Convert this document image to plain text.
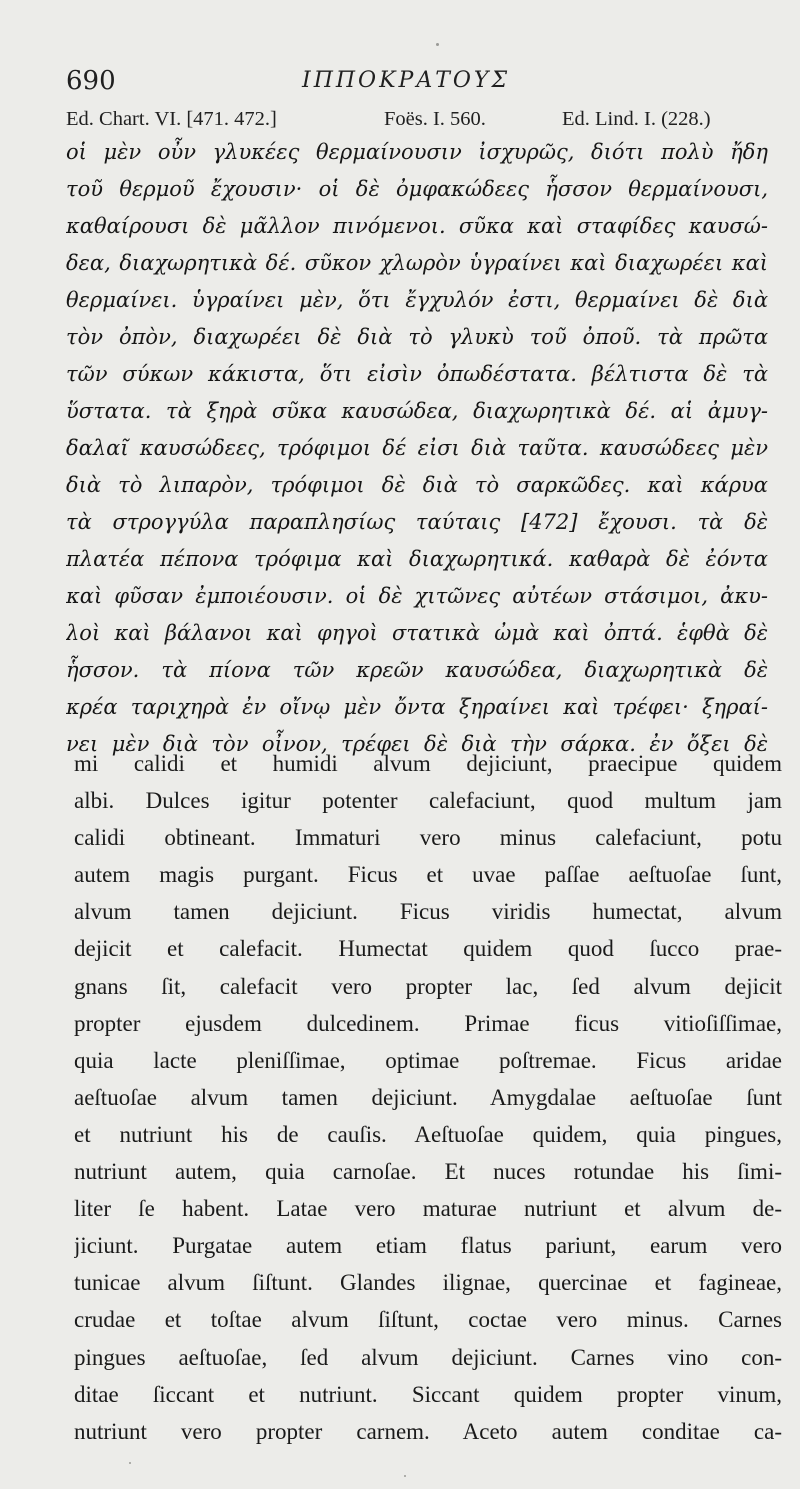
690	ΙΠΠΟΚΡΑΤΟΥΣ
Ed. Chart. VI. [471. 472.]	Foës. I. 560.	Ed. Lind. I. (228.)
οἱ μὲν οὖν γλυκέες θερμαίνουσιν ἰσχυρῶς, διότι πολὺ ἤδη
τοῦ θερμοῦ ἔχουσιν· οἱ δὲ ὀμφακώδεες ἧσσον θερμαίνουσι,
καθαίρουσι δὲ μᾶλλον πινόμενοι. σῦκα καὶ σταφίδες καυσώ-
δεα, διαχωρητικὰ δέ. σῦκον χλωρὸν ὑγραίνει καὶ διαχωρέει καὶ
θερμαίνει. ὑγραίνει μὲν, ὅτι ἔγχυλόν ἐστι, θερμαίνει δὲ διὰ
τὸν ὀπὸν, διαχωρέει δὲ διὰ τὸ γλυκὺ τοῦ ὀποῦ. τὰ πρῶτα
τῶν σύκων κάκιστα, ὅτι εἰσὶν ὀπωδέστατα. βέλτιστα δὲ τὰ
ὕστατα. τὰ ξηρὰ σῦκα καυσώδεα, διαχωρητικὰ δέ. αἱ ἀμυγ-
δαλαῖ καυσώδεες, τρόφιμοι δέ εἰσι διὰ ταῦτα. καυσώδεες μὲν
διὰ τὸ λιπαρὸν, τρόφιμοι δὲ διὰ τὸ σαρκῶδες. καὶ κάρυα
τὰ στρογγύλα παραπλησίως ταύταις [472] ἔχουσι. τὰ δὲ
πλατέα πέπονα τρόφιμα καὶ διαχωρητικά. καθαρὰ δὲ ἐόντα
καὶ φῦσαν ἐμποιέουσιν. οἱ δὲ χιτῶνες αὐτέων στάσιμοι, ἀκυ-
λοὶ καὶ βάλανοι καὶ φηγοὶ στατικὰ ὠμὰ καὶ ὀπτά. ἑφθὰ δὲ
ἧσσον. τὰ πίονα τῶν κρεῶν καυσώδεα, διαχωρητικὰ δὲ
κρέα ταριχηρὰ ἐν οἴνῳ μὲν ὄντα ξηραίνει καὶ τρέφει· ξηραί-
νει μὲν διὰ τὸν οἶνον, τρέφει δὲ διὰ τὴν σάρκα. ἐν ὄξει δὲ
mi calidi et humidi alvum dejiciunt, praecipue quidem
albi. Dulces igitur potenter calefaciunt, quod multum jam
calidi obtineant. Immaturi vero minus calefaciunt, potu
autem magis purgant. Ficus et uvae paſſae aeſtuoſae ſunt,
alvum tamen dejiciunt. Ficus viridis humectat, alvum
dejicit et calefacit. Humectat quidem quod ſucco prae-
gnans ſit, calefacit vero propter lac, ſed alvum dejicit
propter ejusdem dulcedinem. Primae ficus vitioſiſſimae,
quia lacte pleniſſimae, optimae poſtremae. Ficus aridae
aeſtuoſae alvum tamen dejiciunt. Amygdalae aeſtuoſae ſunt
et nutriunt his de cauſis. Aeſtuoſae quidem, quia pingues,
nutriunt autem, quia carnoſae. Et nuces rotundae his ſimi-
liter ſe habent. Latae vero maturae nutriunt et alvum de-
jiciunt. Purgatae autem etiam flatus pariunt, earum vero
tunicae alvum ſiſtunt. Glandes ilignae, quercinae et fagineae,
crudae et toſtae alvum ſiſtunt, coctae vero minus. Carnes
pingues aeſtuoſae, ſed alvum dejiciunt. Carnes vino con-
ditae ſiccant et nutriunt. Siccant quidem propter vinum,
nutriunt vero propter carnem. Aceto autem conditae ca-
